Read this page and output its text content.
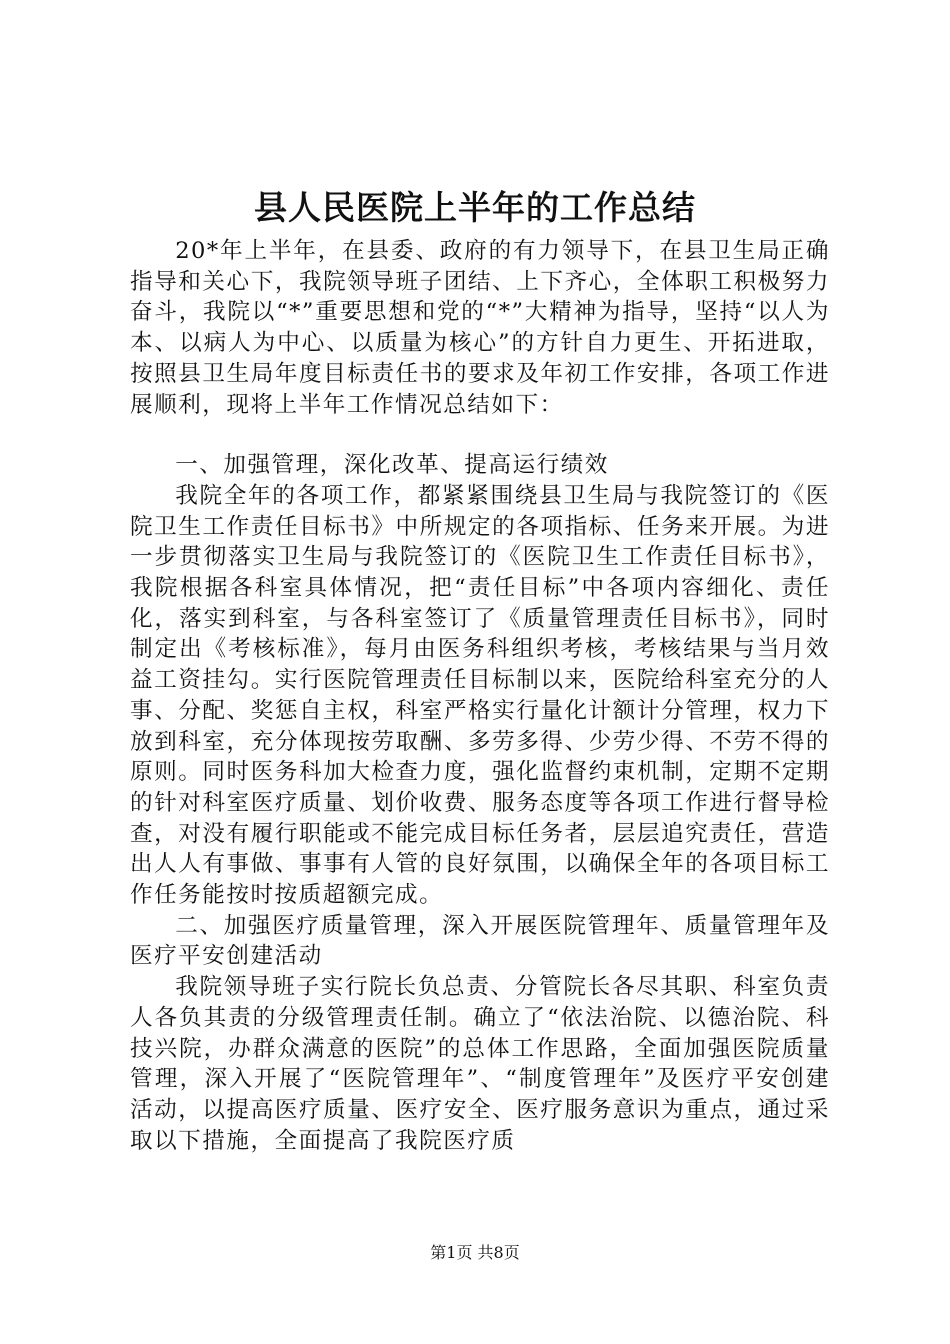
县人民医院上半年的工作总结

20*年上半年，在县委、政府的有力领导下，在县卫生局正确指导和关心下，我院领导班子团结、上下齐心，全体职工积极努力奋斗，我院以“*”重要思想和党的“*”大精神为指导，坚持“以人为本、以病人为中心、以质量为核心”的方针自力更生、开拓进取，按照县卫生局年度目标责任书的要求及年初工作安排，各项工作进展顺利，现将上半年工作情况总结如下：

一、加强管理，深化改革、提高运行绩效

我院全年的各项工作，都紧紧围绕县卫生局与我院签订的《医院卫生工作责任目标书》中所规定的各项指标、任务来开展。为进一步贯彻落实卫生局与我院签订的《医院卫生工作责任目标书》，我院根据各科室具体情况，把“责任目标”中各项内容细化、责任化，落实到科室，与各科室签订了《质量管理责任目标书》，同时制定出《考核标准》，每月由医务科组织考核，考核结果与当月效益工资挂勾。实行医院管理责任目标制以来，医院给科室充分的人事、分配、奖惩自主权，科室严格实行量化计额计分管理，权力下放到科室，充分体现按劳取酬、多劳多得、少劳少得、不劳不得的原则。同时医务科加大检查力度，强化监督约束机制，定期不定期的针对科室医疗质量、划价收费、服务态度等各项工作进行督导检查，对没有履行职能或不能完成目标任务者，层层追究责任，营造出人人有事做、事事有人管的良好氛围，以确保全年的各项目标工作任务能按时按质超额完成。

二、加强医疗质量管理，深入开展医院管理年、质量管理年及医疗平安创建活动

我院领导班子实行院长负总责、分管院长各尽其职、科室负责人各负其责的分级管理责任制。确立了“依法治院、以德治院、科技兴院，办群众满意的医院”的总体工作思路，全面加强医院质量管理，深入开展了“医院管理年”、“制度管理年”及医疗平安创建活动，以提高医疗质量、医疗安全、医疗服务意识为重点，通过采取以下措施，全面提高了我院医疗质

第1页 共8页
